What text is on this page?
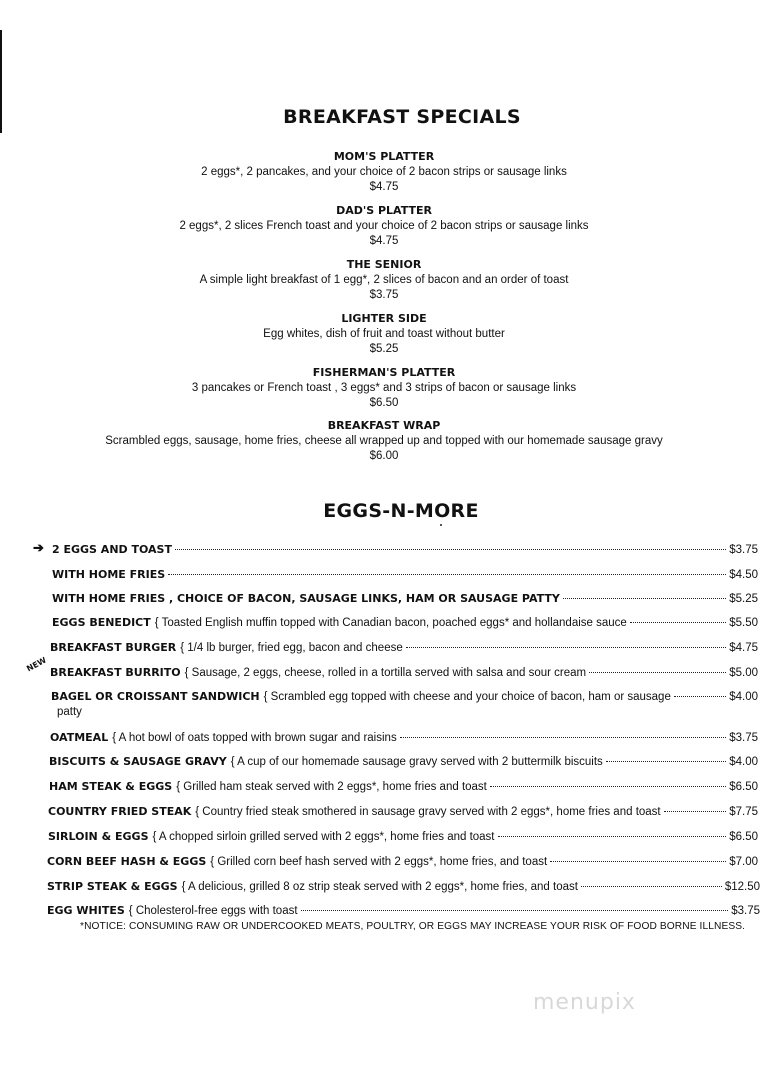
BREAKFAST SPECIALS
MOM'S PLATTER
2 eggs*, 2 pancakes, and your choice of 2 bacon strips or sausage links
$4.75
DAD'S PLATTER
2 eggs*, 2 slices French toast and your choice of 2 bacon strips or sausage links
$4.75
THE SENIOR
A simple light breakfast of 1 egg*, 2 slices of bacon and an order of toast
$3.75
LIGHTER SIDE
Egg whites, dish of fruit and toast without butter
$5.25
FISHERMAN'S PLATTER
3 pancakes or French toast , 3 eggs* and 3 strips of bacon or sausage links
$6.50
BREAKFAST WRAP
Scrambled eggs, sausage, home fries, cheese all wrapped up and topped with our homemade sausage gravy
$6.00
EGGS-N-MORE
➔
NEW
2 EGGS AND TOAST	$3.75
WITH HOME FRIES	$4.50
WITH HOME FRIES , CHOICE OF BACON, SAUSAGE LINKS, HAM OR SAUSAGE PATTY	$5.25
EGGS BENEDICT { Toasted English muffin topped with Canadian bacon, poached eggs* and hollandaise sauce	$5.50
BREAKFAST BURGER { 1/4 lb burger, fried egg, bacon and cheese	$4.75
BREAKFAST BURRITO { Sausage, 2 eggs, cheese, rolled in a tortilla served with salsa and sour cream	$5.00
BAGEL OR CROISSANT SANDWICH { Scrambled egg topped with cheese and your choice of bacon, ham or sausage	$4.00
patty
OATMEAL { A hot bowl of oats topped with brown sugar and raisins	$3.75
BISCUITS & SAUSAGE GRAVY { A cup of our homemade sausage gravy served with 2 buttermilk biscuits	$4.00
HAM STEAK & EGGS { Grilled ham steak served with 2 eggs*, home fries and toast	$6.50
COUNTRY FRIED STEAK { Country fried steak smothered in sausage gravy served with 2 eggs*, home fries and toast	$7.75
SIRLOIN & EGGS { A chopped sirloin grilled served with 2 eggs*, home fries and toast	$6.50
CORN BEEF HASH & EGGS { Grilled corn beef hash served with 2 eggs*, home fries, and toast	$7.00
STRIP STEAK & EGGS { A delicious, grilled 8 oz strip steak served with 2 eggs*, home fries, and toast	$12.50
EGG WHITES { Cholesterol-free eggs with toast	$3.75
*NOTICE: CONSUMING RAW OR UNDERCOOKED MEATS, POULTRY, OR EGGS MAY INCREASE YOUR RISK OF FOOD BORNE ILLNESS.
menupix
